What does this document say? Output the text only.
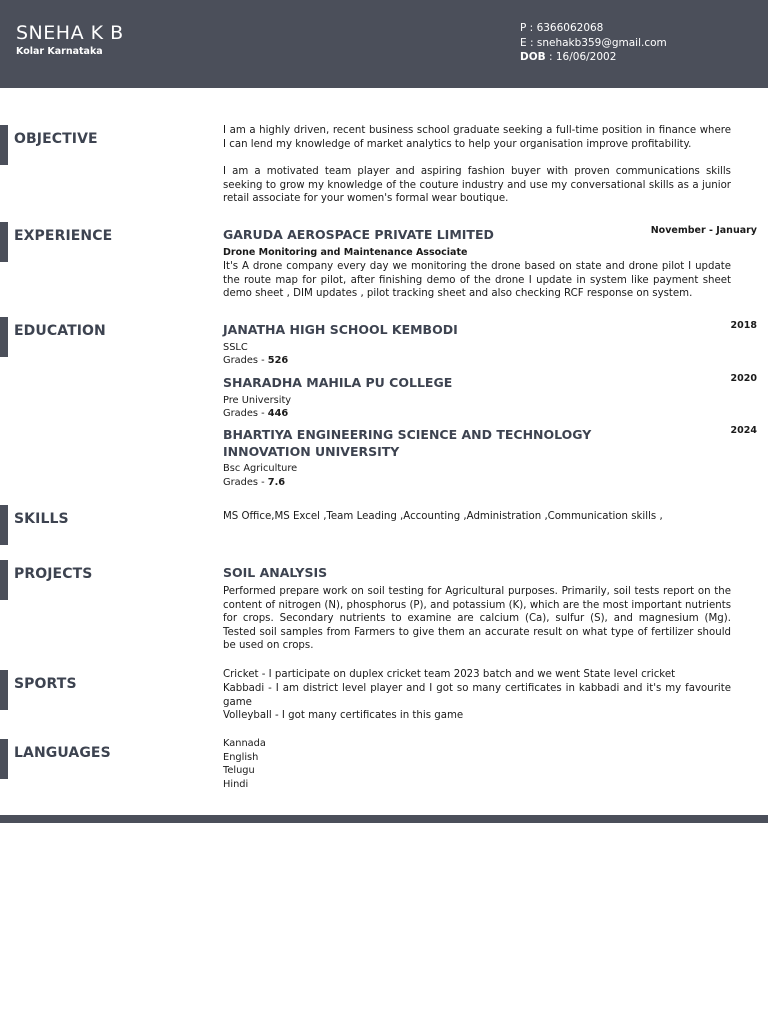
SNEHA K B
Kolar Karnataka
P : 6366062068
E : snehakb359@gmail.com
DOB : 16/06/2002
OBJECTIVE
I am a highly driven, recent business school graduate seeking a full-time position in finance where I can lend my knowledge of market analytics to help your organisation improve profitability.
I am a motivated team player and aspiring fashion buyer with proven communications skills seeking to grow my knowledge of the couture industry and use my conversational skills as a junior retail associate for your women's formal wear boutique.
EXPERIENCE	GARUDA AEROSPACE PRIVATE LIMITED	November - January
Drone Monitoring and Maintenance Associate
It's A drone company every day we monitoring the drone based on state and drone pilot I update the route map for pilot, after finishing demo of the drone I update in system like payment sheet demo sheet , DIM updates , pilot tracking sheet and also checking RCF response on system.
EDUCATION	JANATHA HIGH SCHOOL KEMBODI	2018
SSLC
Grades - 526
SHARADHA MAHILA PU COLLEGE	2020
Pre University
Grades - 446
BHARTIYA ENGINEERING SCIENCE AND TECHNOLOGY
INNOVATION UNIVERSITY
2024
Bsc Agriculture
Grades - 7.6
SKILLS	MS Office,MS Excel ,Team Leading ,Accounting ,Administration ,Communication skills ,
PROJECTS	SOIL ANALYSIS
Performed prepare work on soil testing for Agricultural purposes. Primarily, soil tests report on the content of nitrogen (N), phosphorus (P), and potassium (K), which are the most important nutrients for crops. Secondary nutrients to examine are calcium (Ca), sulfur (S), and magnesium (Mg). Tested soil samples from Farmers to give them an accurate result on what type of fertilizer should be used on crops.
SPORTS
Cricket - I participate on duplex cricket team 2023 batch and we went State level cricket
Kabbadi - I am district level player and I got so many certificates in kabbadi and it's my favourite game
Volleyball - I got many certificates in this game
LANGUAGES
Kannada
English
Telugu
Hindi
